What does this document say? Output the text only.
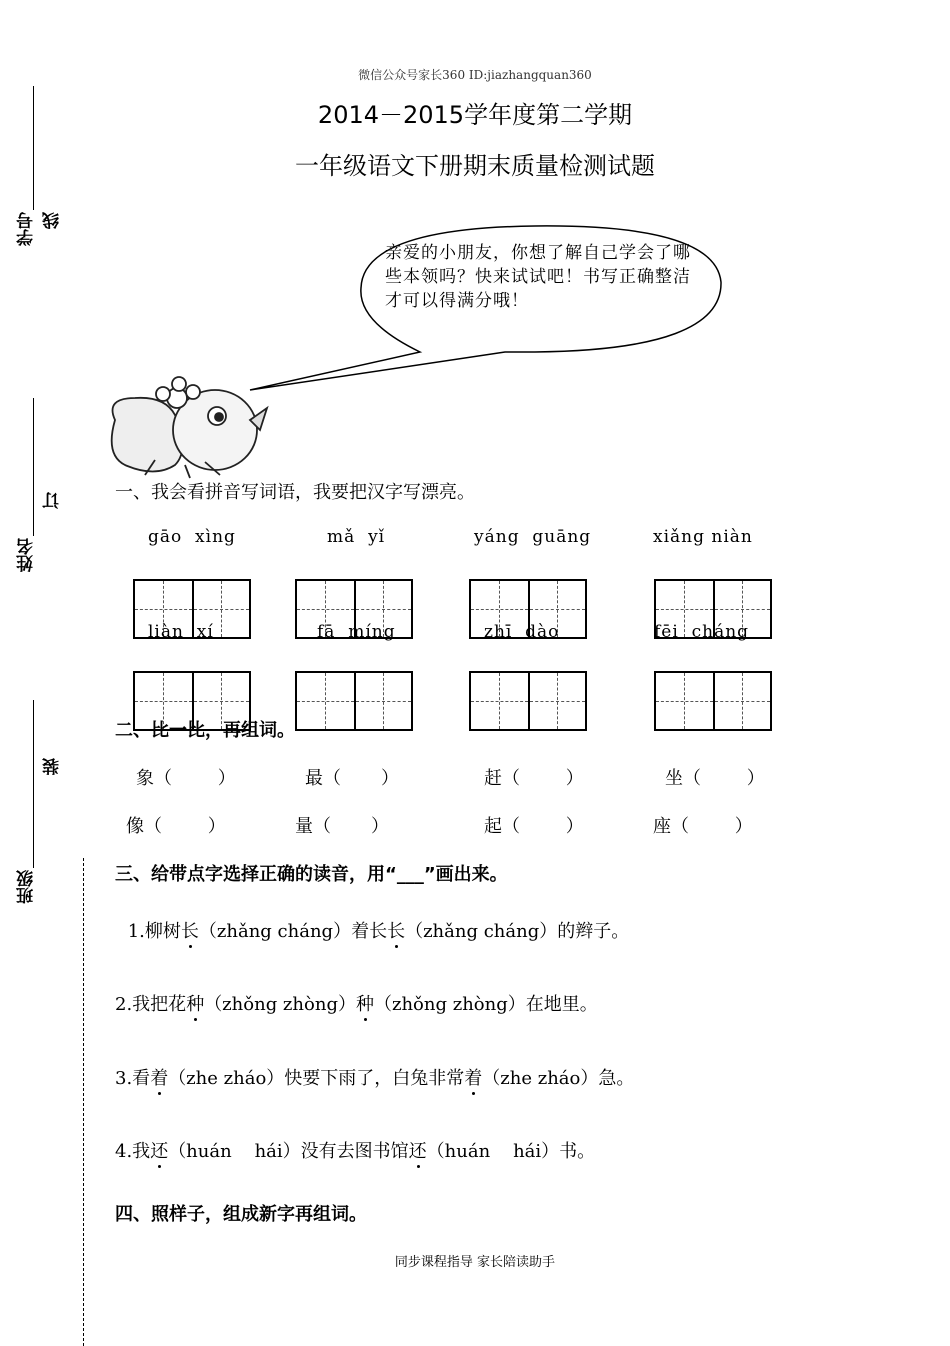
微信公众号家长360 ID:jiazhangquan360
2014－2015学年度第二学期
一年级语文下册期末质量检测试题
学号 线
姓名
订
装
班级
亲爱的小朋友，你想了解自己学会了哪些本领吗？快来试试吧！书写正确整洁才可以得满分哦！
一、我会看拼音写词语，我要把汉字写漂亮。
gāo  xìng	mǎ  yǐ	yáng  guāng	xiǎng niàn
liàn  xí	fā  míng	zhī  dào	fēi  cháng
二、比一比，再组词。
象（        ）	最（       ）	赶（        ）	坐（        ）
像（        ）	量（       ）	起（        ）	座（        ）
三、给带点字选择正确的读音，用“___”画出来。
1.柳树长（zhǎng cháng）着长长（zhǎng cháng）的辫子。
2.我把花种（zhǒng zhòng）种（zhǒng zhòng）在地里。
3.看着（zhe zháo）快要下雨了，白兔非常着（zhe zháo）急。
4.我还（huán    hái）没有去图书馆还（huán    hái）书。
四、照样子，组成新字再组词。
同步课程指导 家长陪读助手
